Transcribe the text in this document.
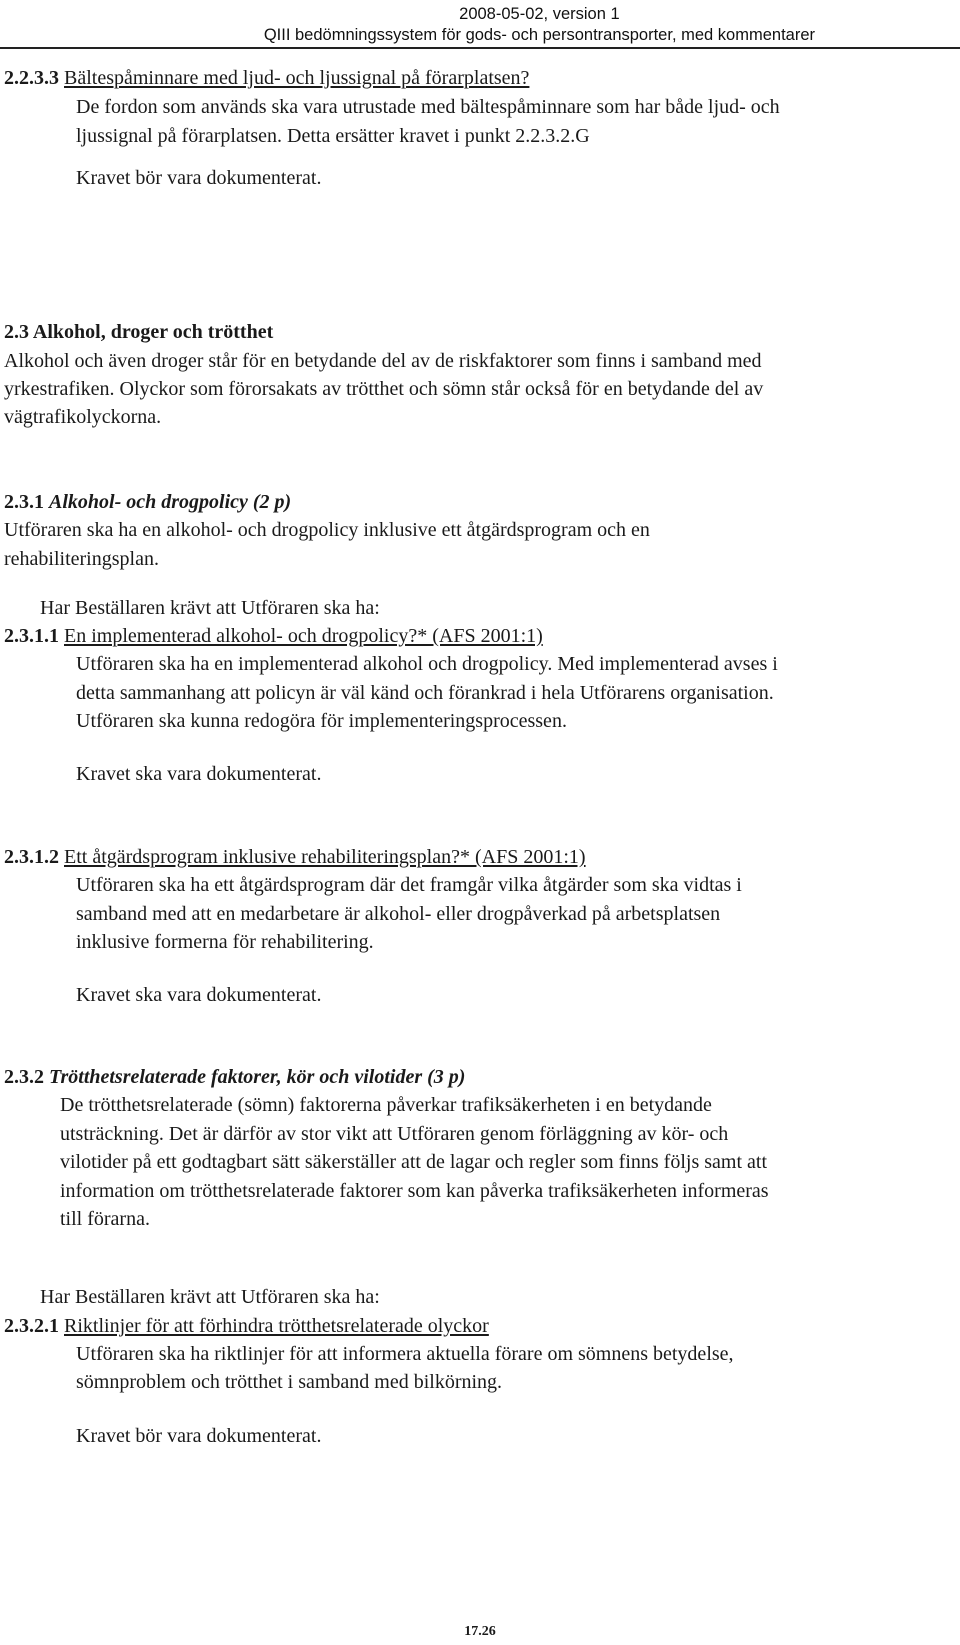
2008-05-02, version 1
QIII bedömningssystem för gods- och persontransporter, med kommentarer
2.2.3.3 Bältespåminnare med ljud- och ljussignal på förarplatsen?
De fordon som används ska vara utrustade med bältespåminnare som har både ljud- och
ljussignal på förarplatsen. Detta ersätter kravet i punkt 2.2.3.2.G
Kravet bör vara dokumenterat.
2.3 Alkohol, droger och trötthet
Alkohol och även droger står för en betydande del av de riskfaktorer som finns i samband med
yrkestrafiken. Olyckor som förorsakats av trötthet och sömn står också för en betydande del av
vägtrafikolyckorna.
2.3.1 Alkohol- och drogpolicy (2 p)
Utföraren ska ha en alkohol- och drogpolicy inklusive ett åtgärdsprogram och en
rehabiliteringsplan.
Har Beställaren krävt att Utföraren ska ha:
2.3.1.1 En implementerad alkohol- och drogpolicy?* (AFS 2001:1)
Utföraren ska ha en implementerad alkohol och drogpolicy. Med implementerad avses i
detta sammanhang att policyn är väl känd och förankrad i hela Utförarens organisation.
Utföraren ska kunna redogöra för implementeringsprocessen.
Kravet ska vara dokumenterat.
2.3.1.2 Ett åtgärdsprogram inklusive rehabiliteringsplan?* (AFS 2001:1)
Utföraren ska ha ett åtgärdsprogram där det framgår vilka åtgärder som ska vidtas i
samband med att en medarbetare är alkohol- eller drogpåverkad på arbetsplatsen
inklusive formerna för rehabilitering.
Kravet ska vara dokumenterat.
2.3.2 Trötthetsrelaterade faktorer, kör och vilotider (3 p)
De trötthetsrelaterade (sömn) faktorerna påverkar trafiksäkerheten i en betydande
utsträckning. Det är därför av stor vikt att Utföraren genom förläggning av kör- och
vilotider på ett godtagbart sätt säkerställer att de lagar och regler som finns följs samt att
information om trötthetsrelaterade faktorer som kan påverka trafiksäkerheten informeras
till förarna.
Har Beställaren krävt att Utföraren ska ha:
2.3.2.1 Riktlinjer för att förhindra trötthetsrelaterade olyckor
Utföraren ska ha riktlinjer för att informera aktuella förare om sömnens betydelse,
sömnproblem och trötthet i samband med bilkörning.
Kravet bör vara dokumenterat.
17.26
